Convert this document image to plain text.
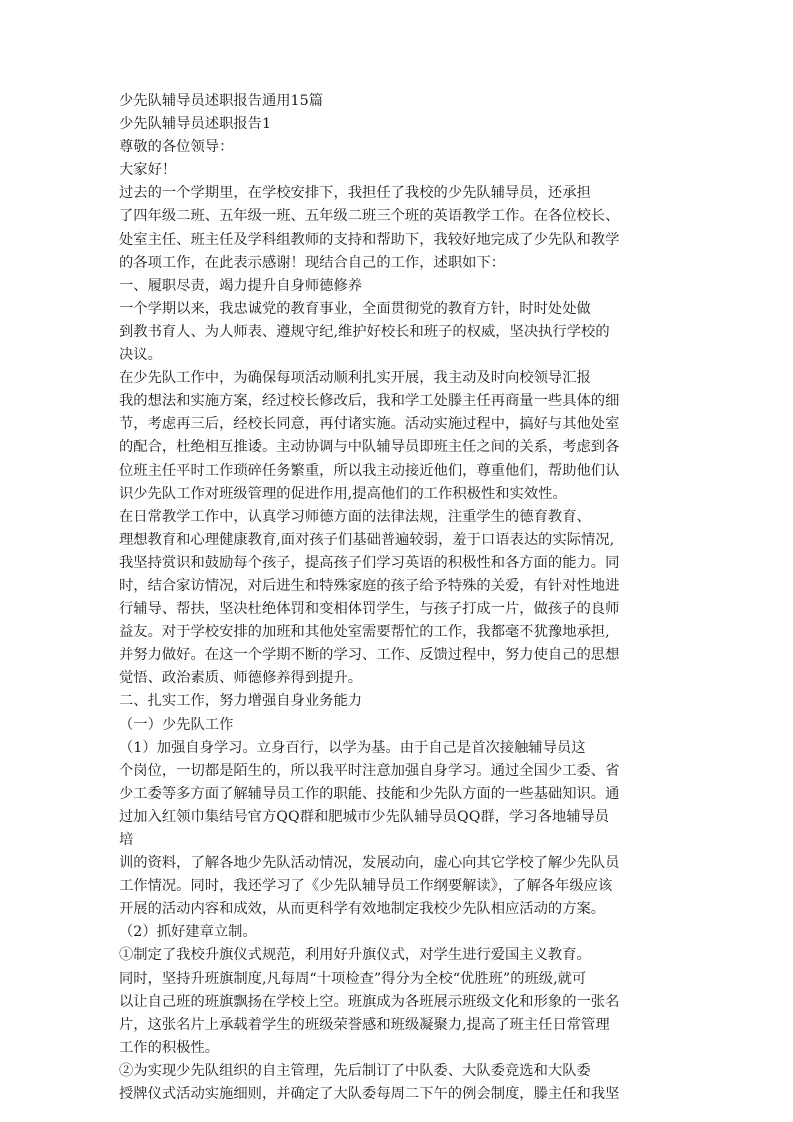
少先队辅导员述职报告通用15篇
少先队辅导员述职报告1
尊敬的各位领导：
大家好！
过去的一个学期里，在学校安排下，我担任了我校的少先队辅导员，还承担
了四年级二班、五年级一班、五年级二班三个班的英语教学工作。在各位校长、
处室主任、班主任及学科组教师的支持和帮助下，我较好地完成了少先队和教学
的各项工作，在此表示感谢！现结合自己的工作，述职如下：
一、履职尽责，竭力提升自身师德修养
一个学期以来，我忠诚党的教育事业，全面贯彻党的教育方针，时时处处做
到教书育人、为人师表、遵规守纪,维护好校长和班子的权威，坚决执行学校的
决议。
在少先队工作中，为确保每项活动顺利扎实开展，我主动及时向校领导汇报
我的想法和实施方案，经过校长修改后，我和学工处滕主任再商量一些具体的细
节，考虑再三后，经校长同意，再付诸实施。活动实施过程中，搞好与其他处室
的配合，杜绝相互推诿。主动协调与中队辅导员即班主任之间的关系，考虑到各
位班主任平时工作琐碎任务繁重，所以我主动接近他们，尊重他们，帮助他们认
识少先队工作对班级管理的促进作用,提高他们的工作积极性和实效性。
在日常教学工作中，认真学习师德方面的法律法规，注重学生的德育教育、
理想教育和心理健康教育,面对孩子们基础普遍较弱，羞于口语表达的实际情况,
我坚持赏识和鼓励每个孩子，提高孩子们学习英语的积极性和各方面的能力。同
时，结合家访情况，对后进生和特殊家庭的孩子给予特殊的关爱，有针对性地进
行辅导、帮扶，坚决杜绝体罚和变相体罚学生，与孩子打成一片，做孩子的良师
益友。对于学校安排的加班和其他处室需要帮忙的工作，我都毫不犹豫地承担,
并努力做好。在这一个学期不断的学习、工作、反馈过程中，努力使自己的思想
觉悟、政治素质、师德修养得到提升。
二、扎实工作，努力增强自身业务能力
（一）少先队工作
（1）加强自身学习。立身百行，以学为基。由于自己是首次接触辅导员这
个岗位，一切都是陌生的，所以我平时注意加强自身学习。通过全国少工委、省
少工委等多方面了解辅导员工作的职能、技能和少先队方面的一些基础知识。通
过加入红领巾集结号官方QQ群和肥城市少先队辅导员QQ群，学习各地辅导员
培
训的资料，了解各地少先队活动情况，发展动向，虚心向其它学校了解少先队员
工作情况。同时，我还学习了《少先队辅导员工作纲要解读》，了解各年级应该
开展的活动内容和成效，从而更科学有效地制定我校少先队相应活动的方案。
（2）抓好建章立制。
①制定了我校升旗仪式规范，利用好升旗仪式，对学生进行爱国主义教育。
同时，坚持升班旗制度,凡每周“十项检查”得分为全校“优胜班”的班级,就可
以让自己班的班旗飘扬在学校上空。班旗成为各班展示班级文化和形象的一张名
片，这张名片上承载着学生的班级荣誉感和班级凝聚力,提高了班主任日常管理
工作的积极性。
②为实现少先队组织的自主管理，先后制订了中队委、大队委竞选和大队委
授牌仪式活动实施细则，并确定了大队委每周二下午的例会制度，滕主任和我坚
